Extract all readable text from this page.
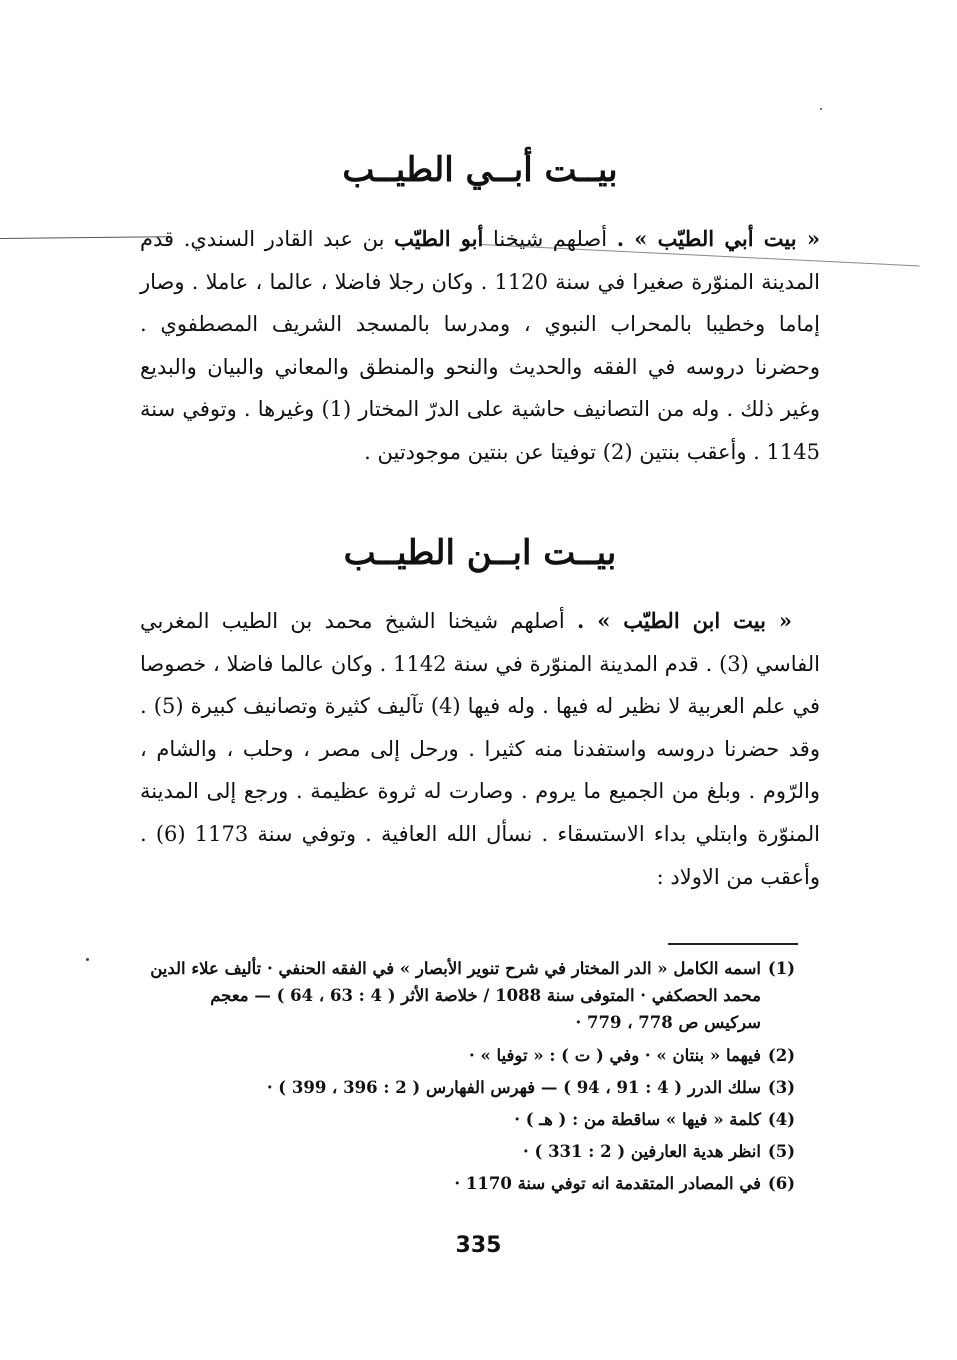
بيــت أبــي الطيــب

« بيت أبي الطيّب » . أصلهم شيخنا أبو الطيّب بن عبد القادر السندي. قدم المدينة المنوّرة صغيرا في سنة 1120 . وكان رجلا فاضلا ، عالما ، عاملا . وصار إماما وخطيبا بالمحراب النبوي ، ومدرسا بالمسجد الشريف المصطفوي . وحضرنا دروسه في الفقه والحديث والنحو والمنطق والمعاني والبيان والبديع وغير ذلك . وله من التصانيف حاشية على الدرّ المختار (1) وغيرها . وتوفي سنة 1145 . وأعقب بنتين (2) توفيتا عن بنتين موجودتين .

بيــت ابــن الطيــب

« بيت ابن الطيّب » . أصلهم شيخنا الشيخ محمد بن الطيب المغربي الفاسي (3) . قدم المدينة المنوّرة في سنة 1142 . وكان عالما فاضلا ، خصوصا في علم العربية لا نظير له فيها . وله فيها (4) تآليف كثيرة وتصانيف كبيرة (5) . وقد حضرنا دروسه واستفدنا منه كثيرا . ورحل إلى مصر ، وحلب ، والشام ، والرّوم . وبلغ من الجميع ما يروم . وصارت له ثروة عظيمة . ورجع إلى المدينة المنوّرة وابتلي بداء الاستسقاء . نسأل الله العافية . وتوفي سنة 1173 (6) . وأعقب من الاولاد :

(1)
اسمه الكامل « الدر المختار في شرح تنوير الأبصار » في الفقه الحنفي · تأليف علاء الدين محمد الحصكفي · المتوفى سنة 1088 / خلاصة الأثر ( 4 : 63 ، 64 ) — معجم سركيس ص 778 ، 779 ·
(2)
فيهما « بنتان » · وفي ( ت ) : « توفيا » ·
(3)
سلك الدرر ( 4 : 91 ، 94 ) — فهرس الفهارس ( 2 : 396 ، 399 ) ·
(4)
كلمة « فيها » ساقطة من : ( هـ ) ·
(5)
انظر هدية العارفين ( 2 : 331 ) ·
(6)
في المصادر المتقدمة انه توفي سنة 1170 ·
335
